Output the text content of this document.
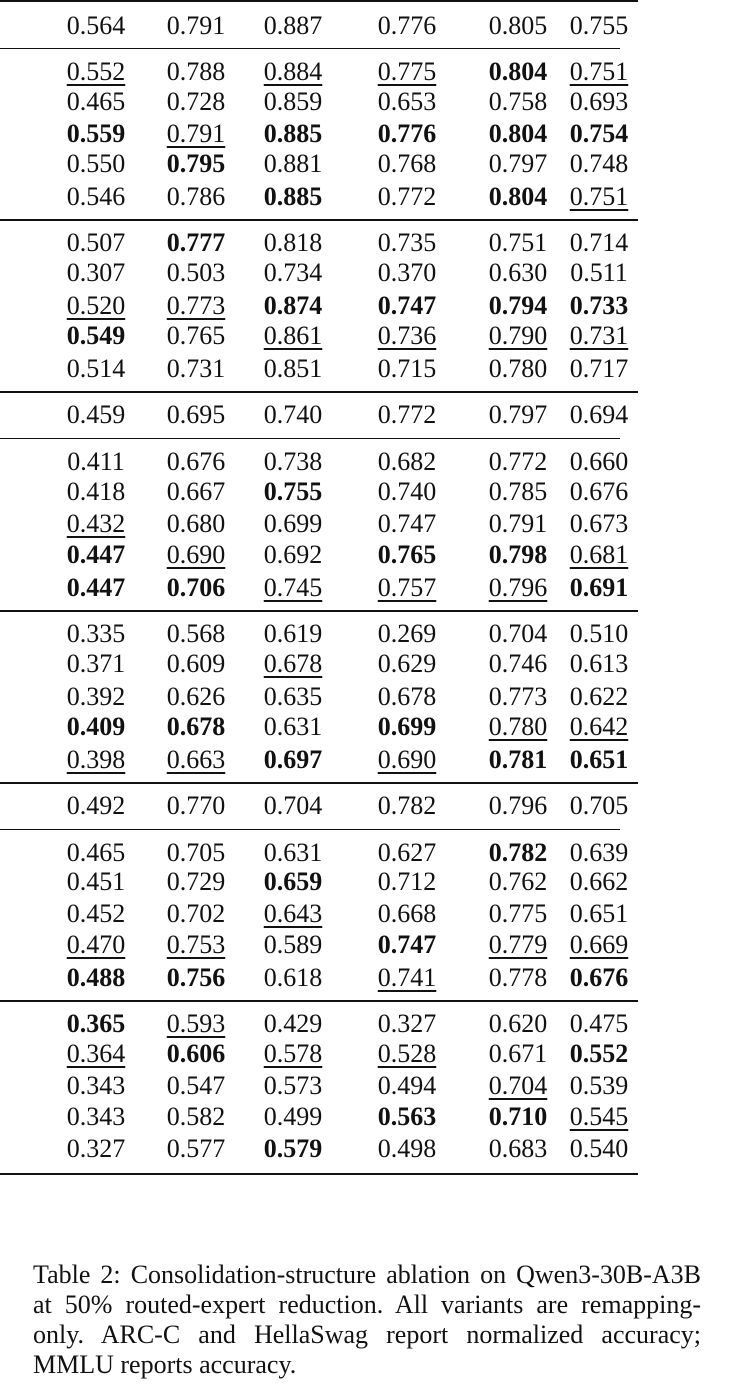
0.564 0.791 0.887 0.776 0.805 0.755
0.552 0.788 0.884 0.775 0.804 0.751
0.465 0.728 0.859 0.653 0.758 0.693
0.559 0.791 0.885 0.776 0.804 0.754
0.550 0.795 0.881 0.768 0.797 0.748
0.546 0.786 0.885 0.772 0.804 0.751
0.507 0.777 0.818 0.735 0.751 0.714
0.307 0.503 0.734 0.370 0.630 0.511
0.520 0.773 0.874 0.747 0.794 0.733
0.549 0.765 0.861 0.736 0.790 0.731
0.514 0.731 0.851 0.715 0.780 0.717
0.459 0.695 0.740 0.772 0.797 0.694
0.411 0.676 0.738 0.682 0.772 0.660
0.418 0.667 0.755 0.740 0.785 0.676
0.432 0.680 0.699 0.747 0.791 0.673
0.447 0.690 0.692 0.765 0.798 0.681
0.447 0.706 0.745 0.757 0.796 0.691
0.335 0.568 0.619 0.269 0.704 0.510
0.371 0.609 0.678 0.629 0.746 0.613
0.392 0.626 0.635 0.678 0.773 0.622
0.409 0.678 0.631 0.699 0.780 0.642
0.398 0.663 0.697 0.690 0.781 0.651
0.492 0.770 0.704 0.782 0.796 0.705
0.465 0.705 0.631 0.627 0.782 0.639
0.451 0.729 0.659 0.712 0.762 0.662
0.452 0.702 0.643 0.668 0.775 0.651
0.470 0.753 0.589 0.747 0.779 0.669
0.488 0.756 0.618 0.741 0.778 0.676
0.365 0.593 0.429 0.327 0.620 0.475
0.364 0.606 0.578 0.528 0.671 0.552
0.343 0.547 0.573 0.494 0.704 0.539
0.343 0.582 0.499 0.563 0.710 0.545
0.327 0.577 0.579 0.498 0.683 0.540

Table 2: Consolidation-structure ablation on Qwen3-30B-A3B at 50% routed-expert reduction. All variants are remapping-only. ARC-C and HellaSwag report normalized accuracy; MMLU reports accuracy.
